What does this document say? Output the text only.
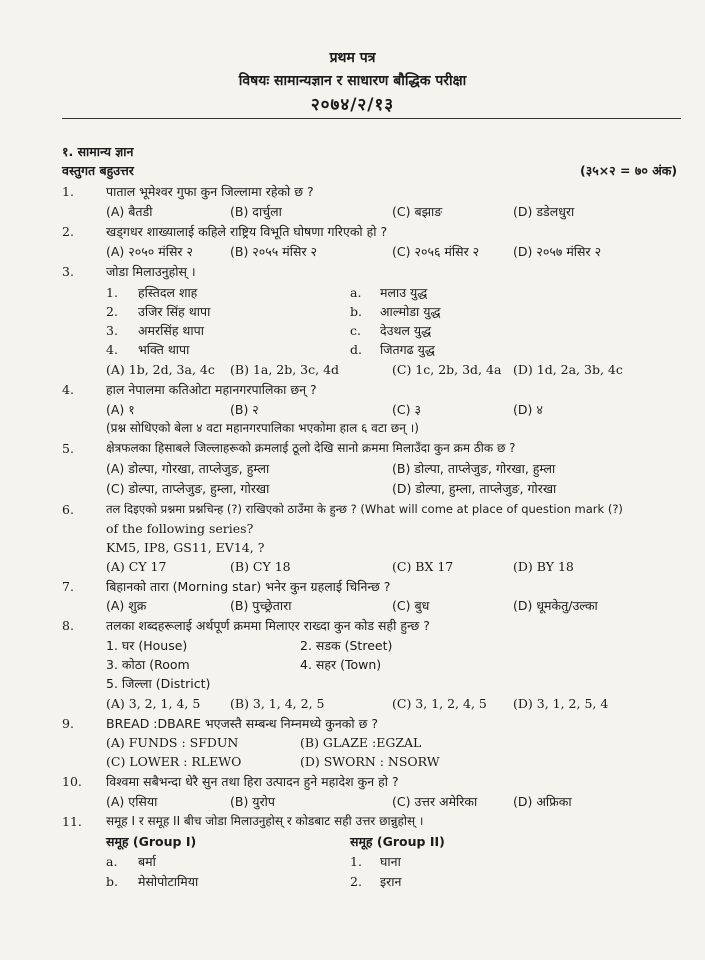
प्रथम पत्र
विषयः सामान्यज्ञान र साधारण बौद्धिक परीक्षा
२०७४/२/१३
१. सामान्य ज्ञान
वस्तुगत बहुउत्तर	(३५×२ = ७० अंक)
1.	पाताल भूमेश्वर गुफा कुन जिल्लामा रहेको छ ?
(A) बैतडी	(B) दार्चुला	(C) बझाङ	(D) डडेलधुरा
2.	खड्गधर शाख्यालाई कहिले राष्ट्रिय विभूति घोषणा गरिएको हो ?
(A) २०५० मंसिर २	(B) २०५५ मंसिर २	(C) २०५६ मंसिर २	(D) २०५७ मंसिर २
3.	जोडा मिलाउनुहोस् ।
1. हस्तिदल शाह	a. मलाउ युद्ध
2. उजिर सिंह थापा	b. आल्मोडा युद्ध
3. अमरसिंह थापा	c. देउथल युद्ध
4. भक्ति थापा	d. जितगढ युद्ध
(A) 1b, 2d, 3a, 4c (B) 1a, 2b, 3c, 4d	(C) 1c, 2b, 3d, 4a (D) 1d, 2a, 3b, 4c
4.	हाल नेपालमा कतिओटा महानगरपालिका छन् ?
(A) १	(B) २	(C) ३	(D) ४
(प्रश्न सोधिएको बेला ४ वटा महानगरपालिका भएकोमा हाल ६ वटा छन् ।)
5.	क्षेत्रफलका हिसाबले जिल्लाहरूको क्रमलाई ठूलो देखि सानो क्रममा मिलाउँदा कुन क्रम ठीक छ ?
(A) डोल्पा, गोरखा, ताप्लेजुङ, हुम्ला	(B) डोल्पा, ताप्लेजुङ, गोरखा, हुम्ला
(C) डोल्पा, ताप्लेजुङ, हुम्ला, गोरखा	(D) डोल्पा, हुम्ला, ताप्लेजुङ, गोरखा
6.	तल दिइएको प्रश्नमा प्रश्नचिन्ह (?) राखिएको ठाउँमा के हुन्छ ? (What will come at place of question mark (?)
of the following series?
KM5, IP8, GS11, EV14, ?
(A) CY 17	(B) CY 18	(C) BX 17	(D) BY 18
7.	बिहानको तारा (Morning star) भनेर कुन ग्रहलाई चिनिन्छ ?
(A) शुक्र	(B) पुच्छ्रेतारा	(C) बुध	(D) धूमकेतु/उल्का
8.	तलका शब्दहरूलाई अर्थपूर्ण क्रममा मिलाएर राख्दा कुन कोड सही हुन्छ ?
1. घर (House)	2. सडक (Street)
3. कोठा (Room	4. सहर (Town)
5. जिल्ला (District)
(A) 3, 2, 1, 4, 5 (B) 3, 1, 4, 2, 5	(C) 3, 1, 2, 4, 5 (D) 3, 1, 2, 5, 4
9.	BREAD :DBARE भएजस्तै सम्बन्ध निम्नमध्ये कुनको छ ?
(A) FUNDS : SFDUN	(B) GLAZE :EGZAL
(C) LOWER : RLEWO	(D) SWORN : NSORW
10. विश्वमा सबैभन्दा धेरै सुन तथा हिरा उत्पादन हुने महादेश कुन हो ?
(A) एसिया	(B) युरोप	(C) उत्तर अमेरिका	(D) अफ्रिका
11. समूह I र समूह II बीच जोडा मिलाउनुहोस् र कोडबाट सही उत्तर छान्नुहोस् ।
समूह (Group I)	समूह (Group II)
a. बर्मा	1. घाना
b. मेसोपोटामिया	2. इरान
